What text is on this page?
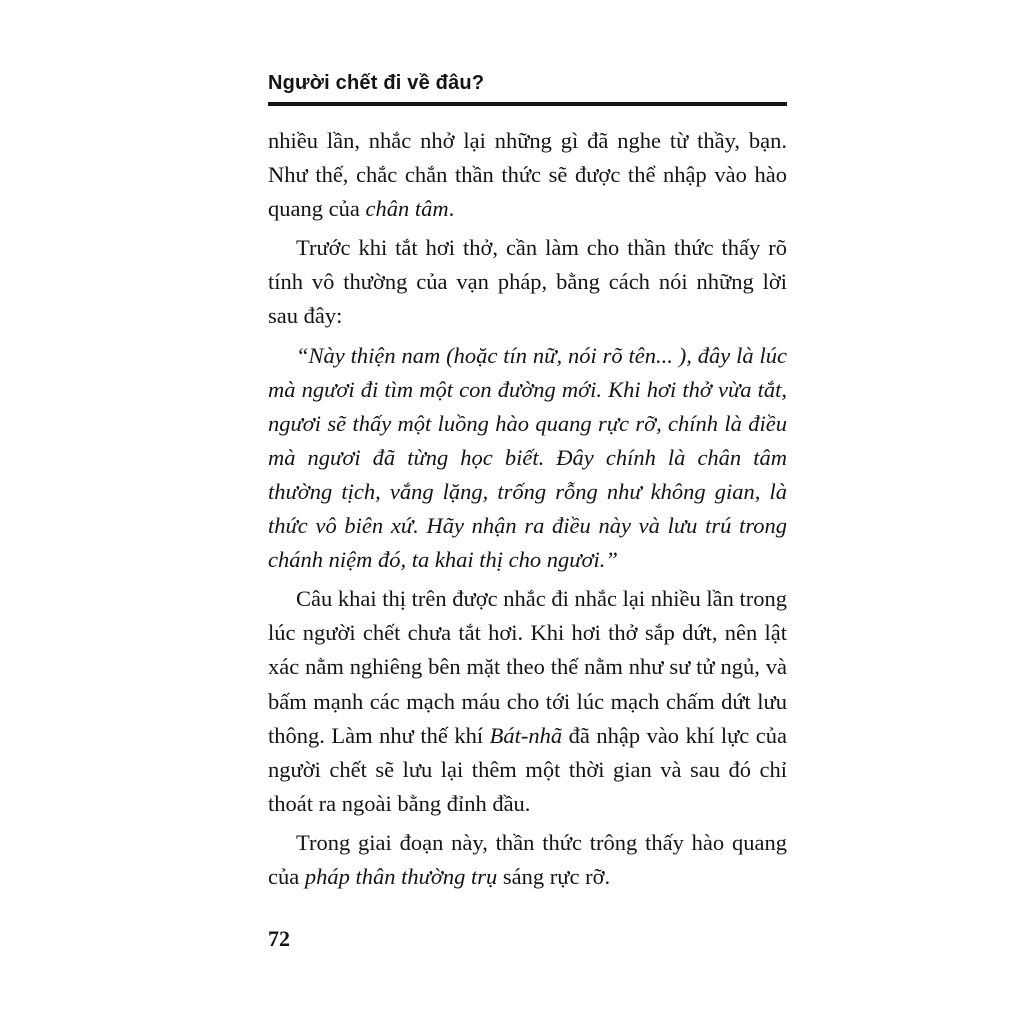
Người chết đi về đâu?

nhiều lần, nhắc nhở lại những gì đã nghe từ thầy, bạn. Như thế, chắc chắn thần thức sẽ được thể nhập vào hào quang của chân tâm.

Trước khi tắt hơi thở, cần làm cho thần thức thấy rõ tính vô thường của vạn pháp, bằng cách nói những lời sau đây:

“Này thiện nam (hoặc tín nữ, nói rõ tên... ), đây là lúc mà ngươi đi tìm một con đường mới. Khi hơi thở vừa tắt, ngươi sẽ thấy một luồng hào quang rực rỡ, chính là điều mà ngươi đã từng học biết. Đây chính là chân tâm thường tịch, vắng lặng, trống rỗng như không gian, là thức vô biên xứ. Hãy nhận ra điều này và lưu trú trong chánh niệm đó, ta khai thị cho ngươi.”

Câu khai thị trên được nhắc đi nhắc lại nhiều lần trong lúc người chết chưa tắt hơi. Khi hơi thở sắp dứt, nên lật xác nằm nghiêng bên mặt theo thế nằm như sư tử ngủ, và bấm mạnh các mạch máu cho tới lúc mạch chấm dứt lưu thông. Làm như thế khí Bát-nhã đã nhập vào khí lực của người chết sẽ lưu lại thêm một thời gian và sau đó chỉ thoát ra ngoài bằng đỉnh đầu.

Trong giai đoạn này, thần thức trông thấy hào quang của pháp thân thường trụ sáng rực rỡ.

72
